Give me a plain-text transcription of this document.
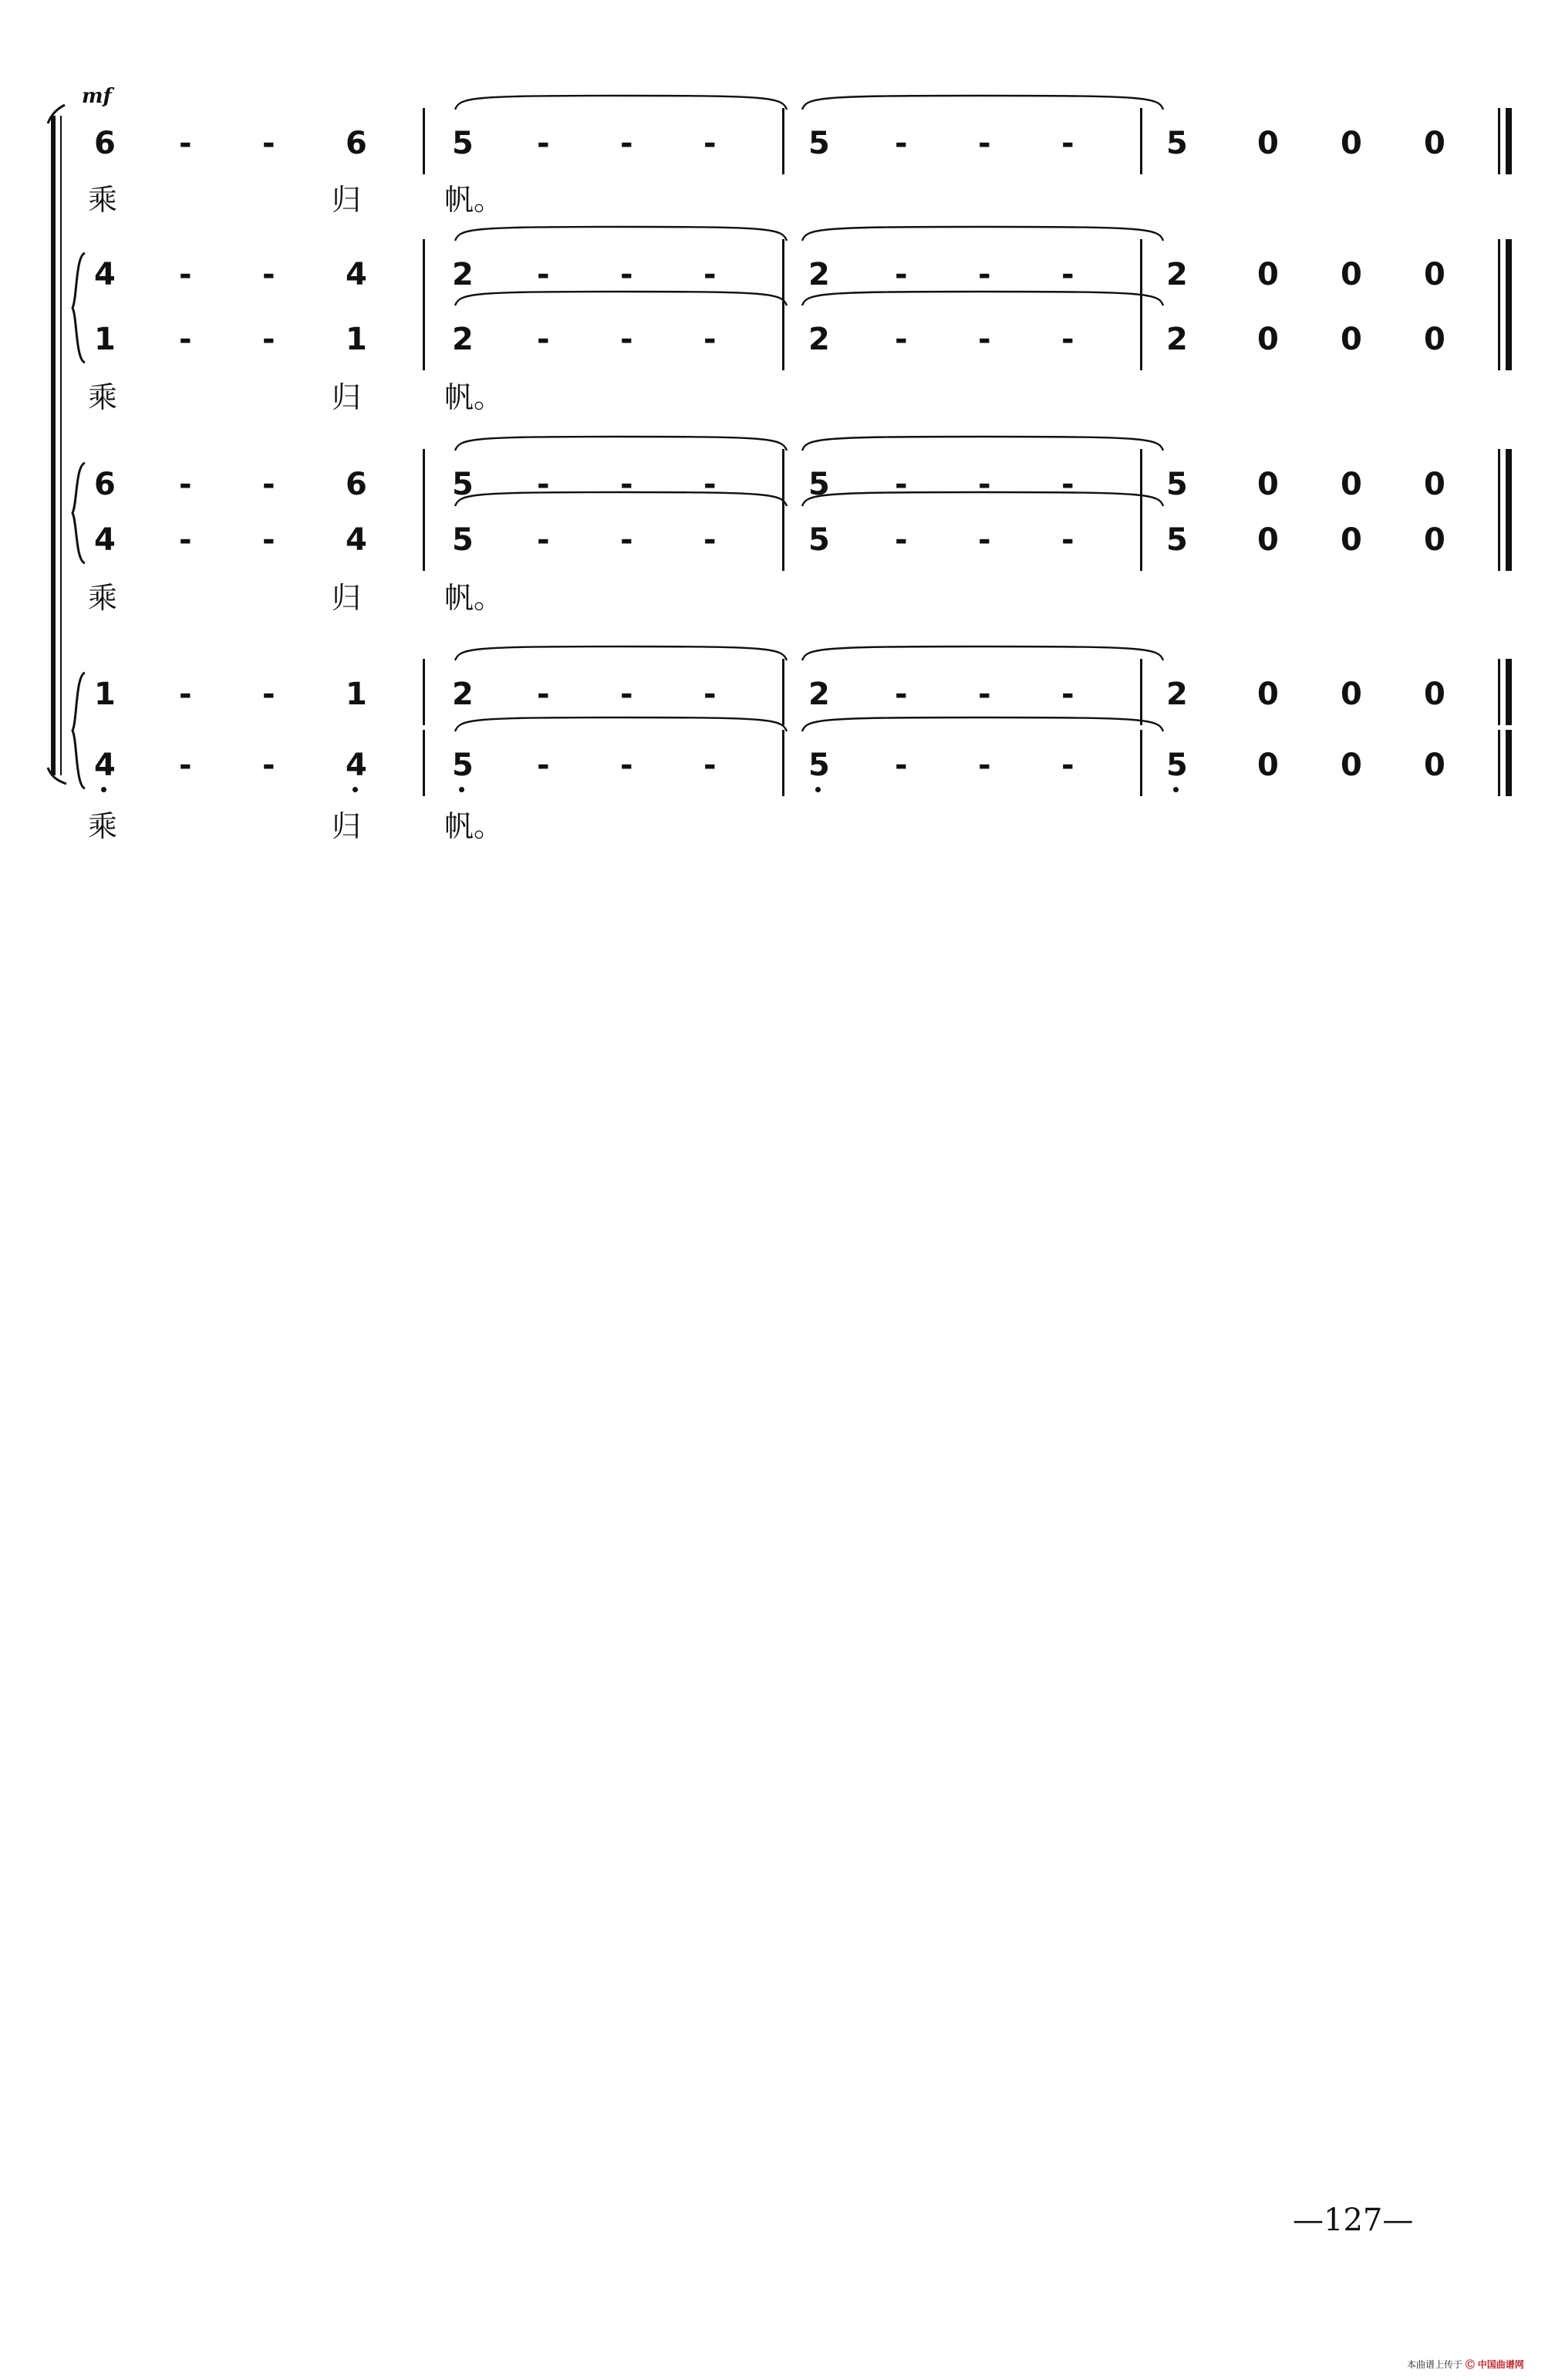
mf
6	6	5	5	5
- -	- - -	- - -	0 0 0
乘	归	帆。
4	4	2	2	2
- -	- - -	- - -	0 0 0
1	1	2	2	2
- -	- - -	- - -	0 0 0
乘	归	帆。
6	6	5	5	5
- -	- - -	- - -	0 0 0
4	4	5	5	5
- -	- - -	- - -	0 0 0
乘	归	帆。
1	1	2	2	2
- -	- - -	- - -	0 0 0
4	4	5	5	5
- -	- - -	- - -	0 0 0
乘	归	帆。
—127—
本曲谱上传于 Ⓒ 中国曲谱网
